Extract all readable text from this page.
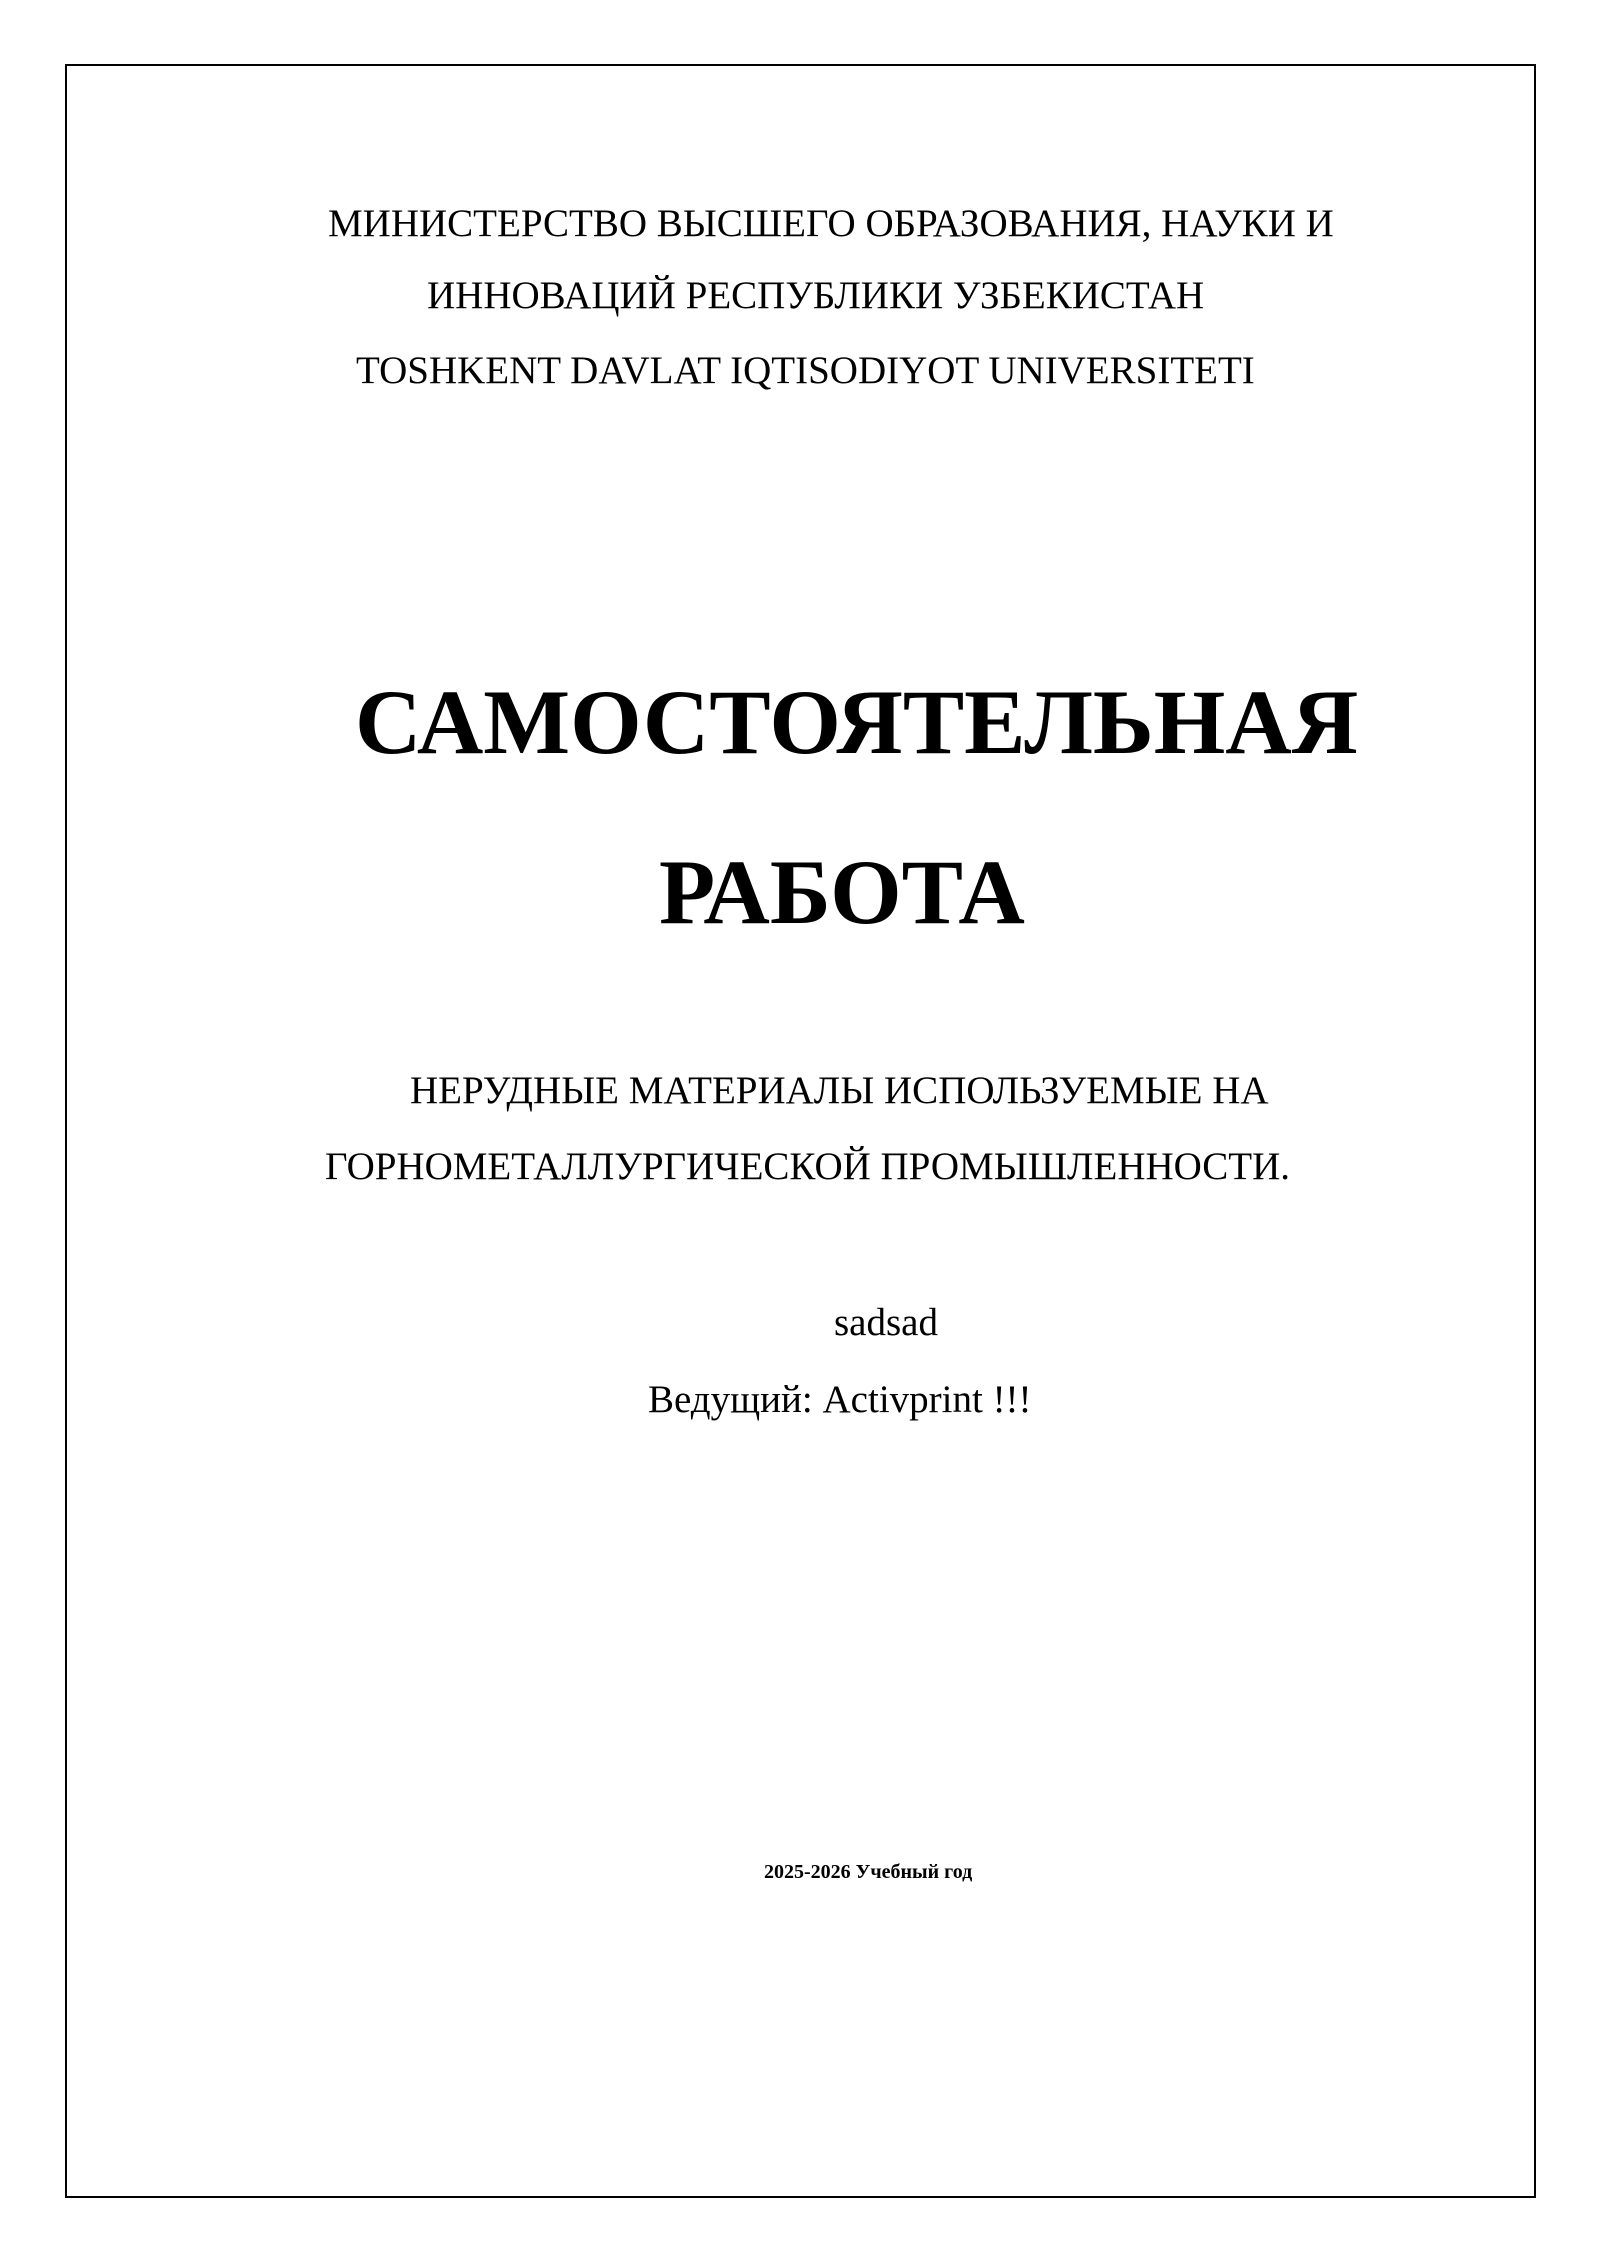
МИНИСТЕРСТВО ВЫСШЕГО ОБРАЗОВАНИЯ, НАУКИ И
ИННОВАЦИЙ РЕСПУБЛИКИ УЗБЕКИСТАН
TOSHKENT DAVLAT IQTISODIYOT UNIVERSITETI
САМОСТОЯТЕЛЬНАЯ
РАБОТА
НЕРУДНЫЕ МАТЕРИАЛЫ ИСПОЛЬЗУЕМЫЕ НА
ГОРНОМЕТАЛЛУРГИЧЕСКОЙ ПРОМЫШЛЕННОСТИ.
sadsad
Ведущий: Activprint !!!
2025-2026 Учебный год
